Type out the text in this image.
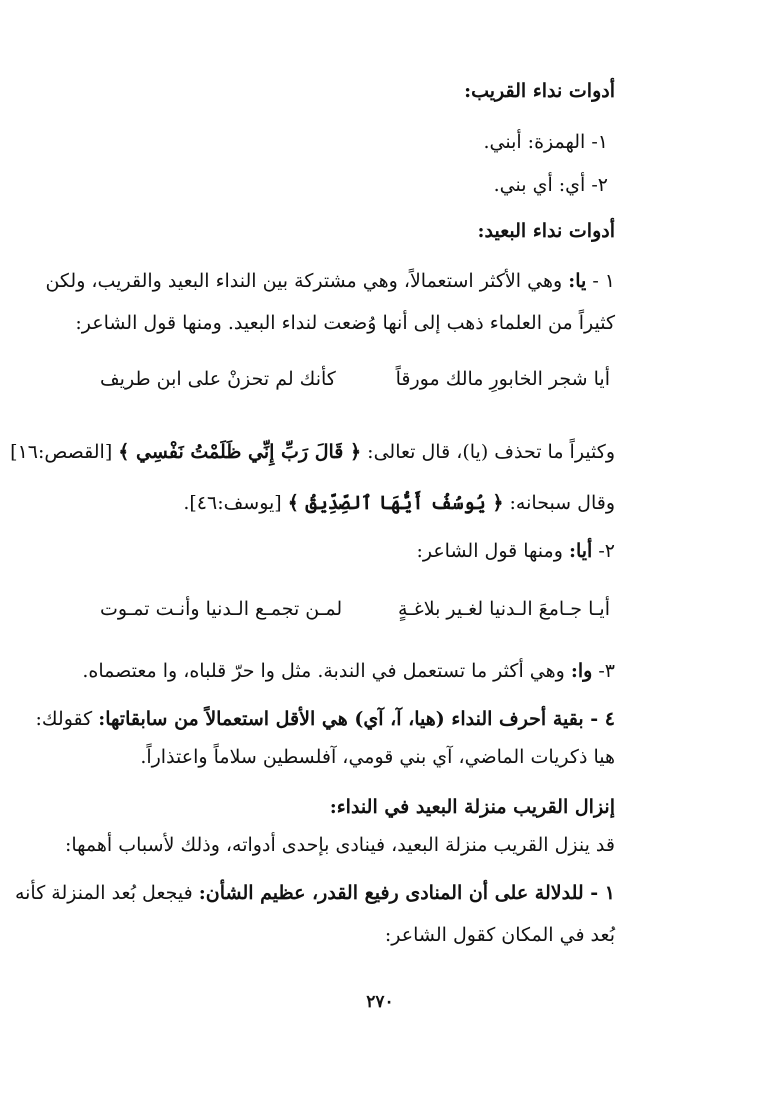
أدوات نداء القريب:
١- الهمزة: أبني.
٢- أي: أي بني.
أدوات نداء البعيد:
١ - يا: وهي الأكثر استعمالاً، وهي مشتركة بين النداء البعيد والقريب، ولكن
كثيراً من العلماء ذهب إلى أنها وُضعت لنداء البعيد. ومنها قول الشاعر:
أيا شجر الخابورِ مالك مورقاً
كأنك لم تحزنْ على ابن طريف
وكثيراً ما تحذف (يا)، قال تعالى: ﴿ قَالَ رَبِّ إِنِّي ظَلَمْتُ نَفْسِي ﴾ [القصص:١٦]
وقال سبحانه: ﴿ يُوسُفُ أَيُّهَا ٱلصِّدِّيقُ ﴾ [يوسف:٤٦].
٢- أيا: ومنها قول الشاعر:
أيـا جـامعَ الـدنيا لغـير بلاغـةٍ
لمـن تجمـع الـدنيا وأنـت تمـوت
٣- وا: وهي أكثر ما تستعمل في الندبة. مثل وا حرّ قلباه، وا معتصماه.
٤ - بقية أحرف النداء (هيا، آ، آي) هي الأقل استعمالاً من سابقاتها: كقولك:
هيا ذكريات الماضي، آي بني قومي، آفلسطين سلاماً واعتذاراً.
إنزال القريب منزلة البعيد في النداء:
قد ينزل القريب منزلة البعيد، فينادى بإحدى أدواته، وذلك لأسباب أهمها:
١ - للدلالة على أن المنادى رفيع القدر، عظيم الشأن: فيجعل بُعد المنزلة كأنه
بُعد في المكان كقول الشاعر:
٢٧٠
